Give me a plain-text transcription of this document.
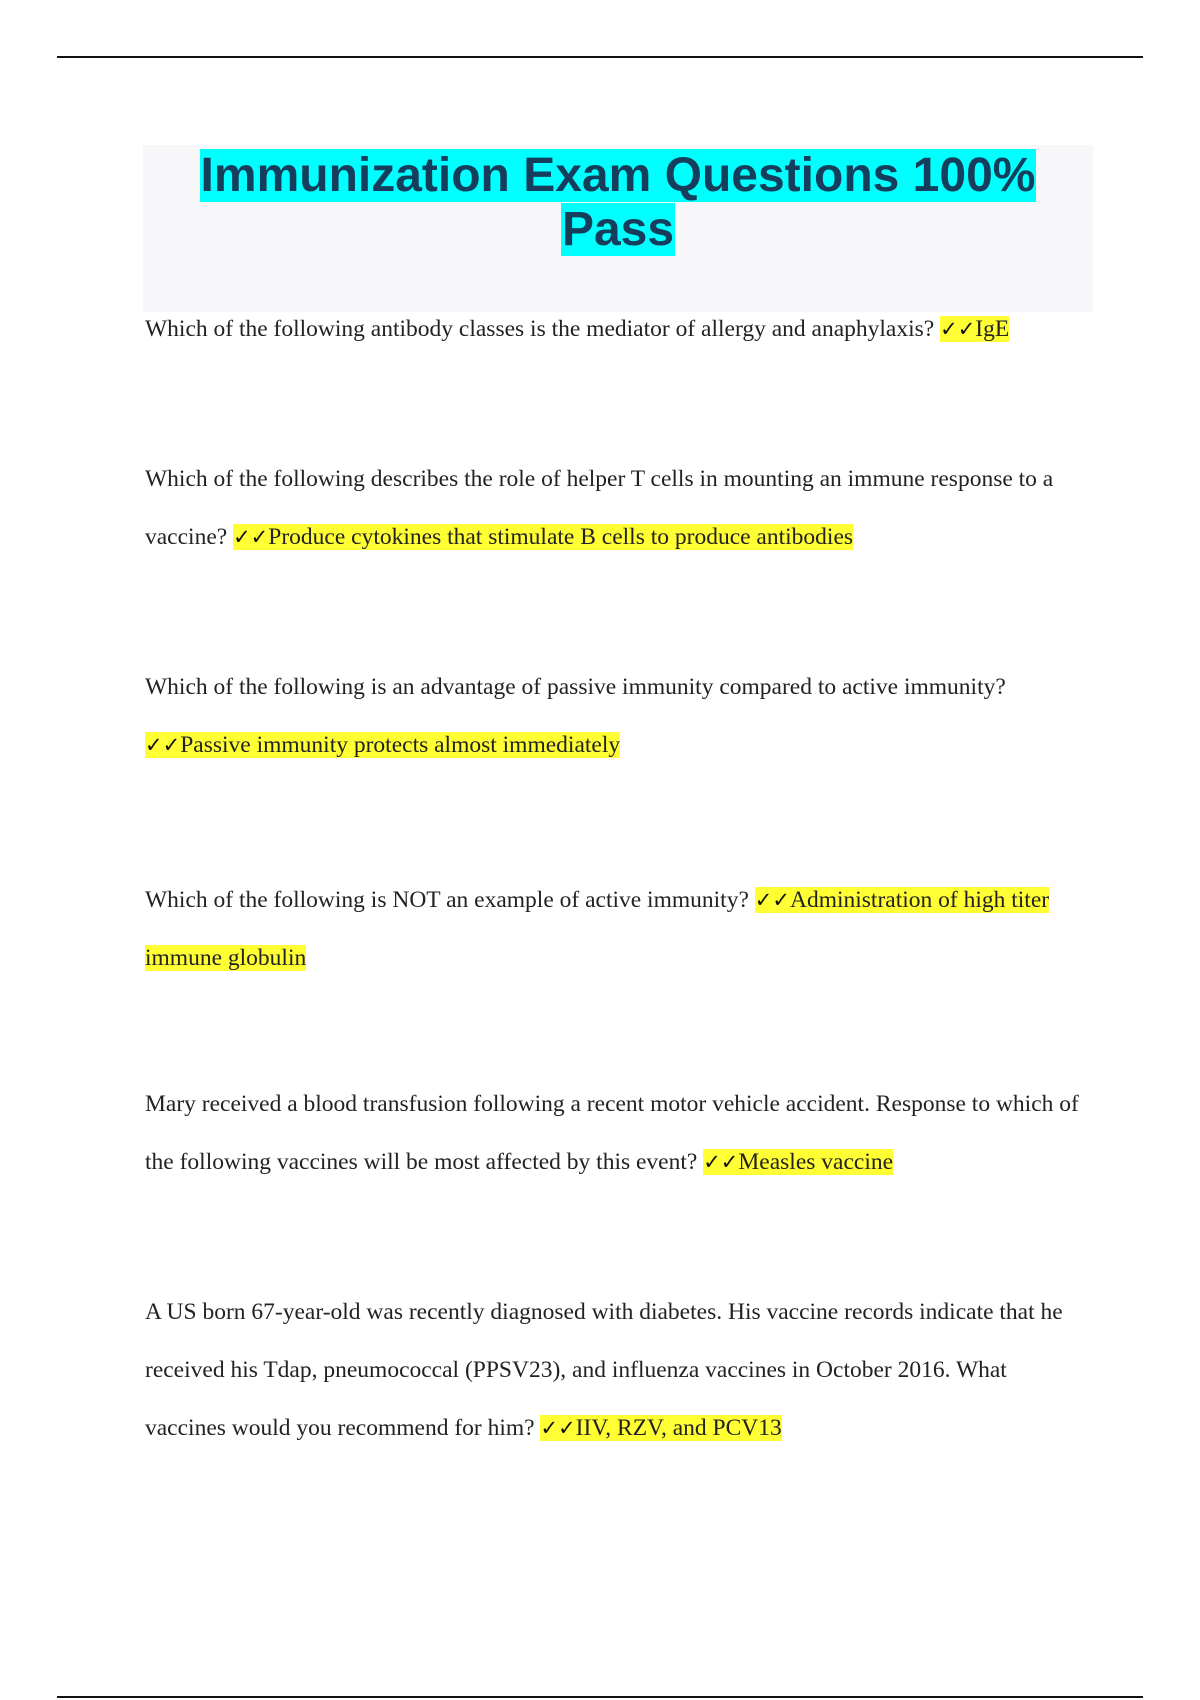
Immunization Exam Questions 100% Pass

Which of the following antibody classes is the mediator of allergy and anaphylaxis? ✓✓IgE

Which of the following describes the role of helper T cells in mounting an immune response to a vaccine? ✓✓Produce cytokines that stimulate B cells to produce antibodies

Which of the following is an advantage of passive immunity compared to active immunity? ✓✓Passive immunity protects almost immediately

Which of the following is NOT an example of active immunity? ✓✓Administration of high titer immune globulin

Mary received a blood transfusion following a recent motor vehicle accident. Response to which of the following vaccines will be most affected by this event? ✓✓Measles vaccine

A US born 67-year-old was recently diagnosed with diabetes. His vaccine records indicate that he received his Tdap, pneumococcal (PPSV23), and influenza vaccines in October 2016. What vaccines would you recommend for him? ✓✓IIV, RZV, and PCV13
